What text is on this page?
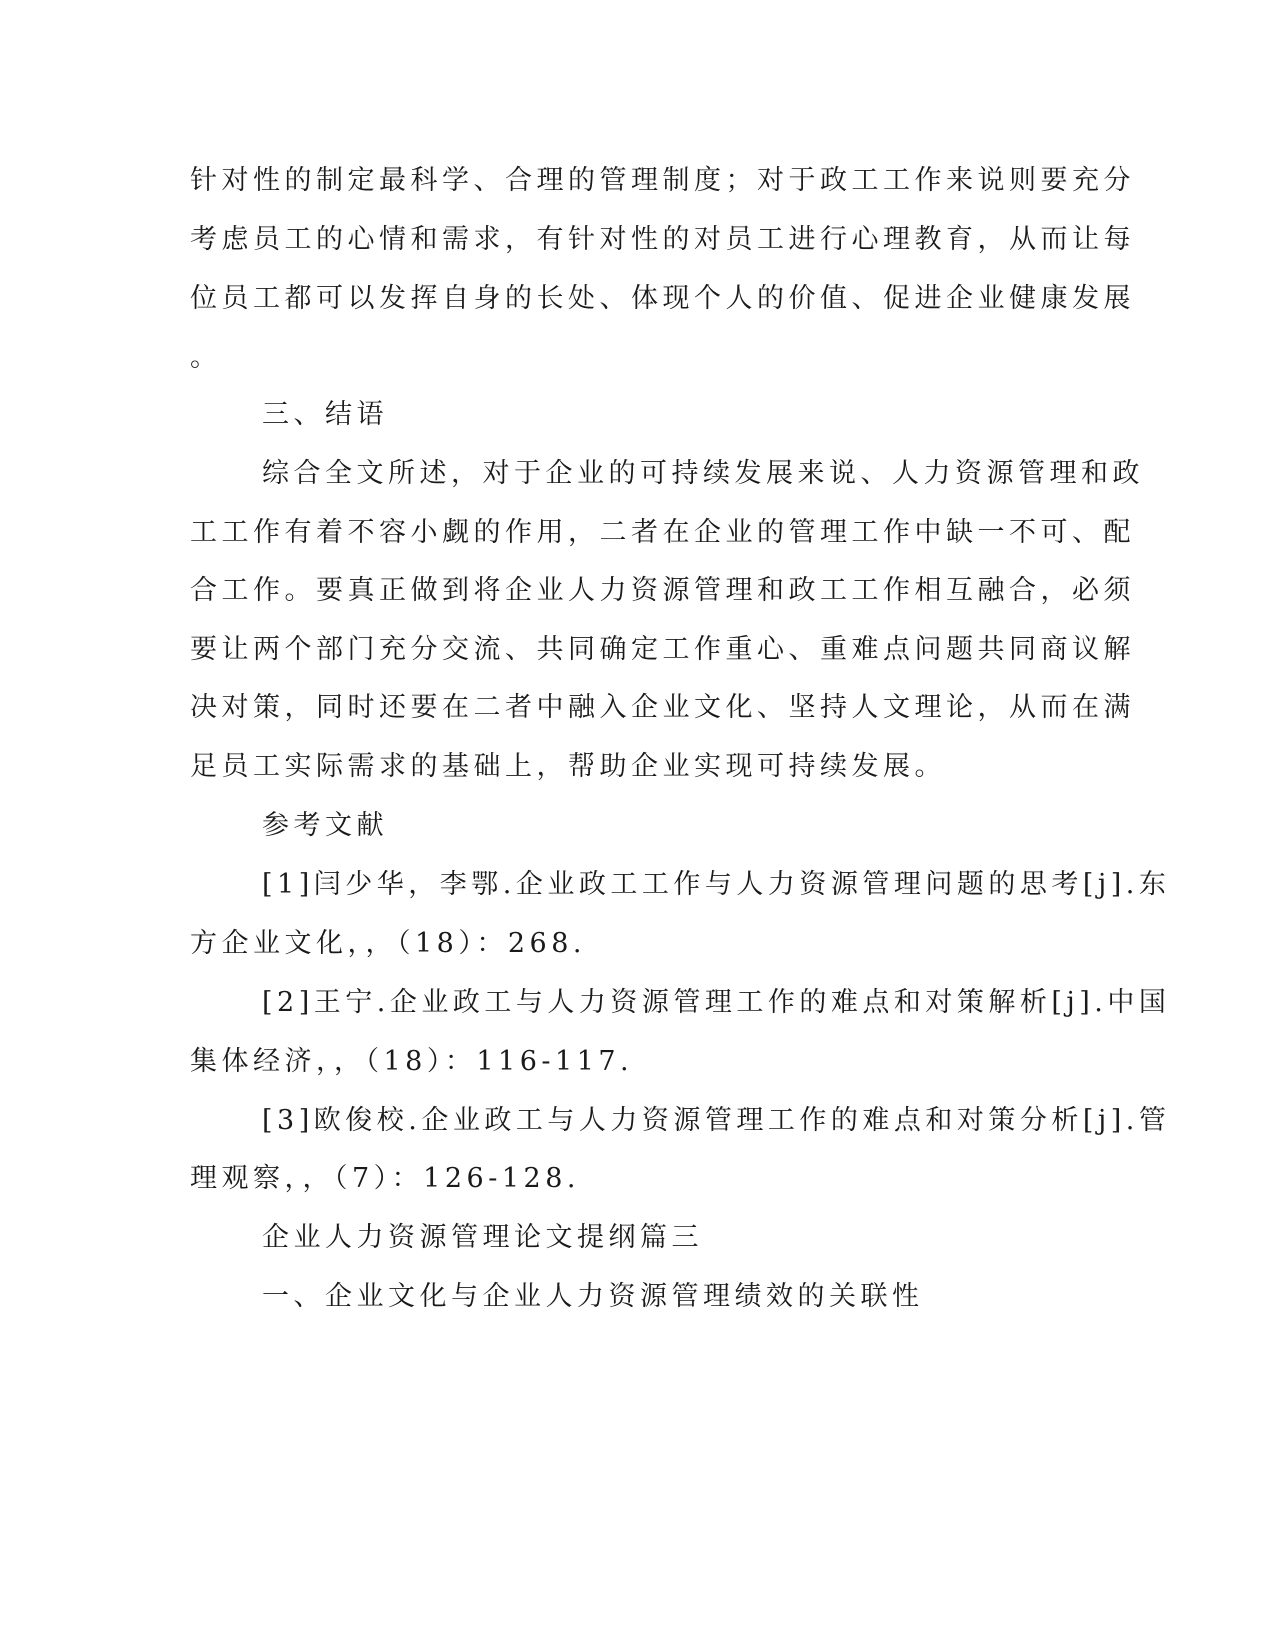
针对性的制定最科学、合理的管理制度；对于政工工作来说则要充分
考虑员工的心情和需求，有针对性的对员工进行心理教育，从而让每
位员工都可以发挥自身的长处、体现个人的价值、促进企业健康发展
。
三、结语
综合全文所述，对于企业的可持续发展来说、人力资源管理和政
工工作有着不容小觑的作用，二者在企业的管理工作中缺一不可、配
合工作。要真正做到将企业人力资源管理和政工工作相互融合，必须
要让两个部门充分交流、共同确定工作重心、重难点问题共同商议解
决对策，同时还要在二者中融入企业文化、坚持人文理论，从而在满
足员工实际需求的基础上，帮助企业实现可持续发展。
参考文献
[1]闫少华，李鄂.企业政工工作与人力资源管理问题的思考[j].东
方企业文化，，（18）：268.
[2]王宁.企业政工与人力资源管理工作的难点和对策解析[j].中国
集体经济，，（18）：116-117.
[3]欧俊校.企业政工与人力资源管理工作的难点和对策分析[j].管
理观察，，（7）：126-128.
企业人力资源管理论文提纲篇三
一、企业文化与企业人力资源管理绩效的关联性
